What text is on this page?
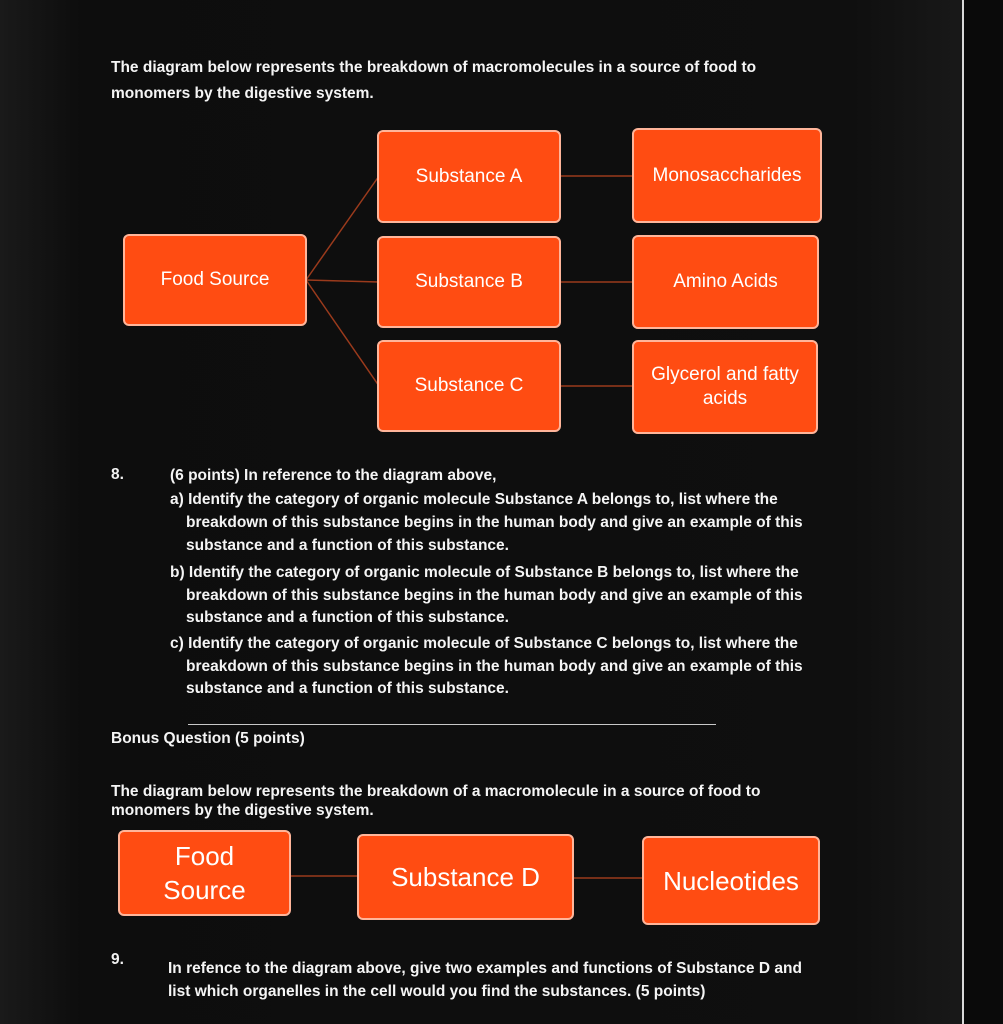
The diagram below represents the breakdown of macromolecules in a source of food to
monomers by the digestive system.
Food Source
Substance A
Substance B
Substance C
Monosaccharides
Amino Acids
Glycerol and fatty acids
8.	(6 points) In reference to the diagram above,
a) Identify the category of organic molecule Substance A belongs to, list where the
breakdown of this substance begins in the human body and give an example of this
substance and a function of this substance.
b) Identify the category of organic molecule of Substance B belongs to, list where the
breakdown of this substance begins in the human body and give an example of this
substance and a function of this substance.
c) Identify the category of organic molecule of Substance C belongs to, list where the
breakdown of this substance begins in the human body and give an example of this
substance and a function of this substance.
Bonus Question (5 points)
The diagram below represents the breakdown of a macromolecule in a source of food to
monomers by the digestive system.
Food Source	Substance D	Nucleotides
9.
In refence to the diagram above, give two examples and functions of Substance D and
list which organelles in the cell would you find the substances. (5 points)
